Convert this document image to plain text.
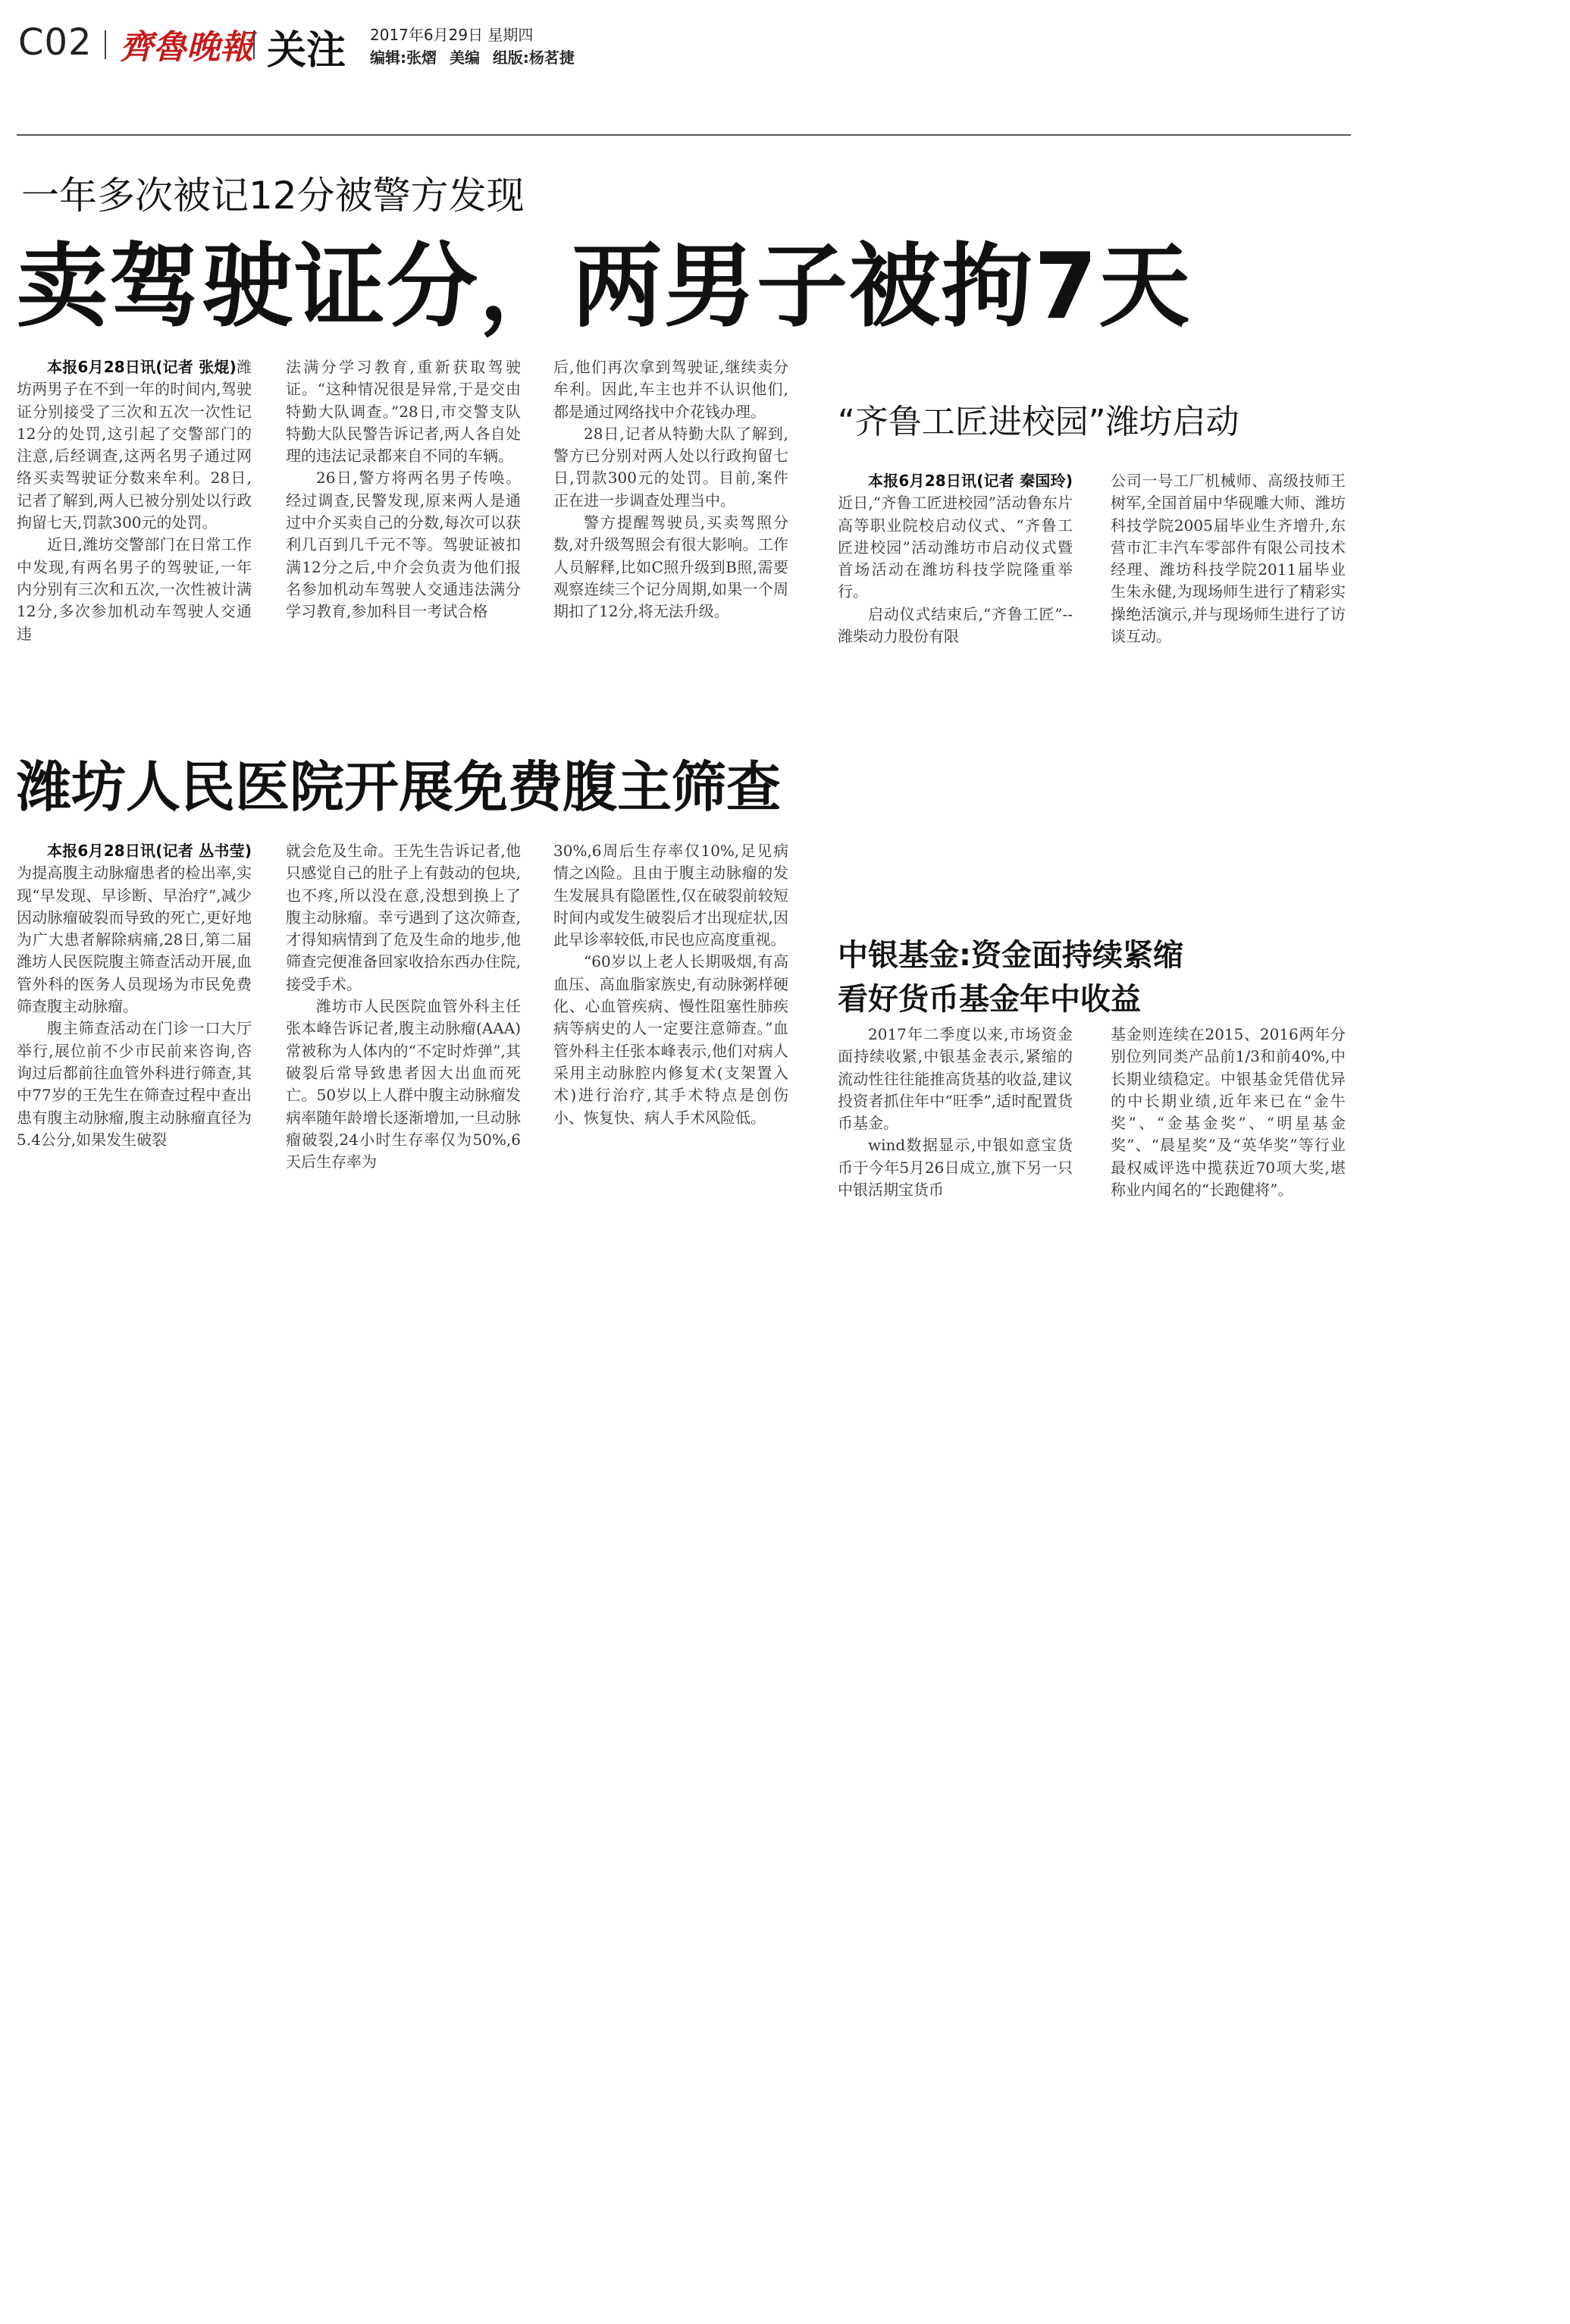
C02 齊魯晚報 关注 2017年6月29日 星期四
编辑:张熠 美编 组版:杨茗捷
一年多次被记12分被警方发现
卖驾驶证分，两男子被拘7天

本报6月28日讯(记者 张焜)潍坊两男子在不到一年的时间内,驾驶证分别接受了三次和五次一次性记12分的处罚,这引起了交警部门的注意,后经调查,这两名男子通过网络买卖驾驶证分数来牟利。28日,记者了解到,两人已被分别处以行政拘留七天,罚款300元的处罚。

近日,潍坊交警部门在日常工作中发现,有两名男子的驾驶证,一年内分别有三次和五次,一次性被计满12分,多次参加机动车驾驶人交通违

法满分学习教育,重新获取驾驶证。“这种情况很是异常,于是交由特勤大队调查。”28日,市交警支队特勤大队民警告诉记者,两人各自处理的违法记录都来自不同的车辆。

26日,警方将两名男子传唤。经过调查,民警发现,原来两人是通过中介买卖自己的分数,每次可以获利几百到几千元不等。驾驶证被扣满12分之后,中介会负责为他们报名参加机动车驾驶人交通违法满分学习教育,参加科目一考试合格

后,他们再次拿到驾驶证,继续卖分牟利。因此,车主也并不认识他们,都是通过网络找中介花钱办理。

28日,记者从特勤大队了解到,警方已分别对两人处以行政拘留七日,罚款300元的处罚。目前,案件正在进一步调查处理当中。

警方提醒驾驶员,买卖驾照分数,对升级驾照会有很大影响。工作人员解释,比如C照升级到B照,需要观察连续三个记分周期,如果一个周期扣了12分,将无法升级。

“齐鲁工匠进校园”潍坊启动

本报6月28日讯(记者 秦国玲)近日,“齐鲁工匠进校园”活动鲁东片高等职业院校启动仪式、“齐鲁工匠进校园”活动潍坊市启动仪式暨首场活动在潍坊科技学院隆重举行。

启动仪式结束后,“齐鲁工匠”--潍柴动力股份有限

公司一号工厂机械师、高级技师王树军,全国首届中华砚雕大师、潍坊科技学院2005届毕业生齐增升,东营市汇丰汽车零部件有限公司技术经理、潍坊科技学院2011届毕业生朱永健,为现场师生进行了精彩实操绝活演示,并与现场师生进行了访谈互动。

潍坊人民医院开展免费腹主筛查

本报6月28日讯(记者 丛书莹)为提高腹主动脉瘤患者的检出率,实现“早发现、早诊断、早治疗”,减少因动脉瘤破裂而导致的死亡,更好地为广大患者解除病痛,28日,第二届潍坊人民医院腹主筛查活动开展,血管外科的医务人员现场为市民免费筛查腹主动脉瘤。

腹主筛查活动在门诊一口大厅举行,展位前不少市民前来咨询,咨询过后都前往血管外科进行筛查,其中77岁的王先生在筛查过程中查出患有腹主动脉瘤,腹主动脉瘤直径为5.4公分,如果发生破裂

就会危及生命。王先生告诉记者,他只感觉自己的肚子上有鼓动的包块,也不疼,所以没在意,没想到换上了腹主动脉瘤。幸亏遇到了这次筛查,才得知病情到了危及生命的地步,他筛查完便准备回家收拾东西办住院,接受手术。

潍坊市人民医院血管外科主任张本峰告诉记者,腹主动脉瘤(AAA)常被称为人体内的“不定时炸弹”,其破裂后常导致患者因大出血而死亡。50岁以上人群中腹主动脉瘤发病率随年龄增长逐渐增加,一旦动脉瘤破裂,24小时生存率仅为50%,6天后生存率为

30%,6周后生存率仅10%,足见病情之凶险。且由于腹主动脉瘤的发生发展具有隐匿性,仅在破裂前较短时间内或发生破裂后才出现症状,因此早诊率较低,市民也应高度重视。

“60岁以上老人长期吸烟,有高血压、高血脂家族史,有动脉粥样硬化、心血管疾病、慢性阻塞性肺疾病等病史的人一定要注意筛查。”血管外科主任张本峰表示,他们对病人采用主动脉腔内修复术(支架置入术)进行治疗,其手术特点是创伤小、恢复快、病人手术风险低。

中银基金:资金面持续紧缩
看好货币基金年中收益

2017年二季度以来,市场资金面持续收紧,中银基金表示,紧缩的流动性往往能推高货基的收益,建议投资者抓住年中“旺季”,适时配置货币基金。

wind数据显示,中银如意宝货币于今年5月26日成立,旗下另一只中银活期宝货币

基金则连续在2015、2016两年分别位列同类产品前1/3和前40%,中长期业绩稳定。中银基金凭借优异的中长期业绩,近年来已在“金牛奖”、“金基金奖”、“明星基金奖”、“晨星奖”及“英华奖”等行业最权威评选中揽获近70项大奖,堪称业内闻名的“长跑健将”。
